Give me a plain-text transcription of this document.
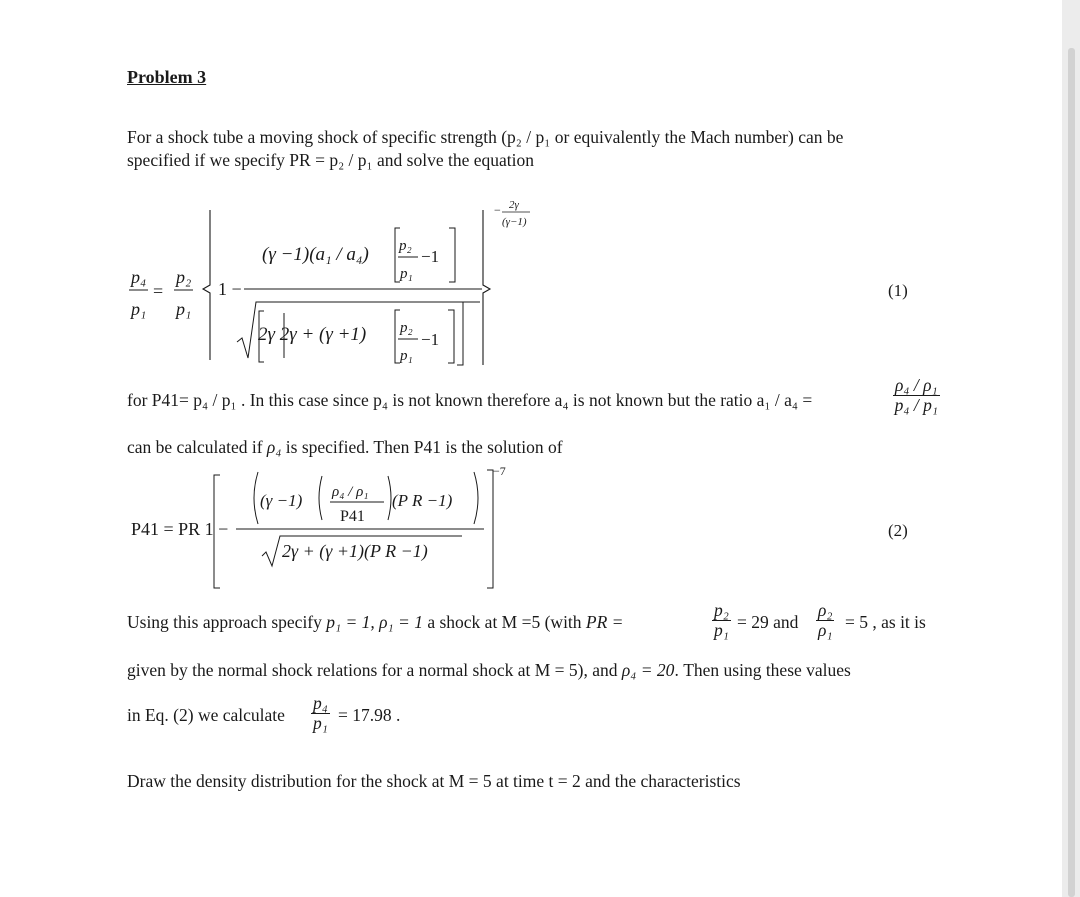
Problem 3
For a shock tube a moving shock of specific strength (p₂ / p₁ or equivalently the Mach number) can be
specified if we specify PR = p₂ / p₁ and solve the equation
p₄
p₁
=
p₂
p₁
1 −
(γ −1)(a₁ / a₄) p₂
p₁
−1
2γ 2γ + (γ +1) p₂
p₁
−1
− 2γ
(γ−1)
(1)
for P41= p₄ / p₁ . In this case since p₄ is not known therefore a₄ is not known but the ratio a₁ / a₄ =	$\frac{\text{ρ₄ / ρ₁}}{\text{p₄ / p₁}}$
can be calculated if ρ₄ is specified. Then P41 is the solution of
P41 = PR 1 −
(γ −1) ρ₄ / ρ₁
P41
(P R −1)
2γ + (γ +1)(P R −1)
−7
(2)
Using this approach specify p₁ = 1, ρ₁ = 1 a shock at M =5 (with PR =	$\frac{\text{p₂}}{\text{p₁}} = 29$ and $\frac{\text{ρ₂}}{\text{ρ₁}} = 5$ , as it is
given by the normal shock relations for a normal shock at M = 5), and ρ₄ = 20. Then using these values
in Eq. (2) we calculate $\frac{\text{p₄}}{\text{p₁}} = 17.98$ .
Draw the density distribution for the shock at M = 5 at time t = 2 and the characteristics
